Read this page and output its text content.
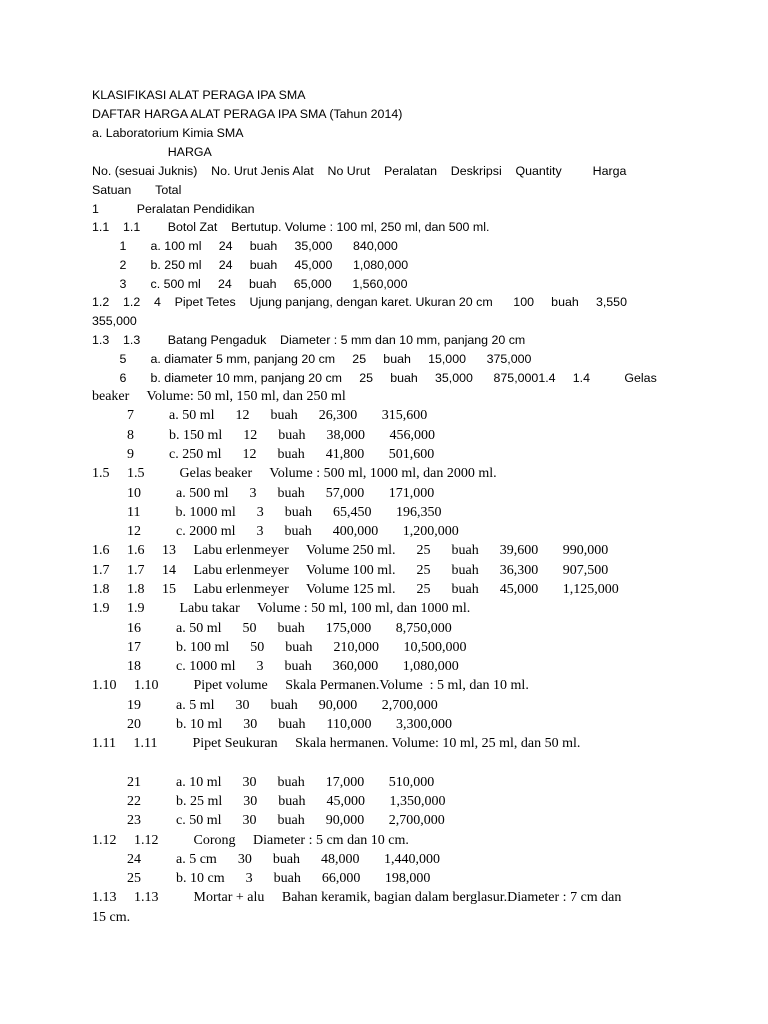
KLASIFIKASI ALAT PERAGA IPA SMA

DAFTAR HARGA ALAT PERAGA IPA SMA (Tahun 2014)

a. Laboratorium Kimia SMA

HARGA

No. (sesuai Juknis)    No. Urut Jenis Alat    No Urut    Peralatan    Deskripsi    Quantity         Harga

Satuan       Total

1           Peralatan Pendidikan

1.1    1.1        Botol Zat    Bertutup. Volume : 100 ml, 250 ml, dan 500 ml.

1       a. 100 ml     24     buah     35,000      840,000

2       b. 250 ml     24     buah     45,000      1,080,000

3       c. 500 ml     24     buah     65,000      1,560,000

1.2    1.2    4    Pipet Tetes    Ujung panjang, dengan karet. Ukuran 20 cm      100     buah     3,550

355,000

1.3    1.3        Batang Pengaduk    Diameter : 5 mm dan 10 mm, panjang 20 cm

5       a. diamater 5 mm, panjang 20 cm     25     buah     15,000      375,000

6       b. diameter 10 mm, panjang 20 cm     25     buah     35,000      875,0001.4     1.4          Gelas

beaker     Volume: 50 ml, 150 ml, dan 250 ml

7          a. 50 ml      12      buah      26,300       315,600

8          b. 150 ml      12      buah      38,000       456,000

9          c. 250 ml      12      buah      41,800       501,600

1.5     1.5          Gelas beaker     Volume : 500 ml, 1000 ml, dan 2000 ml.

10          a. 500 ml      3      buah      57,000       171,000

11          b. 1000 ml      3      buah      65,450       196,350

12          c. 2000 ml      3      buah      400,000       1,200,000

1.6     1.6     13     Labu erlenmeyer     Volume 250 ml.      25      buah      39,600       990,000

1.7     1.7     14     Labu erlenmeyer     Volume 100 ml.      25      buah      36,300       907,500

1.8     1.8     15     Labu erlenmeyer     Volume 125 ml.      25      buah      45,000       1,125,000

1.9     1.9          Labu takar     Volume : 50 ml, 100 ml, dan 1000 ml.

16          a. 50 ml      50      buah      175,000       8,750,000

17          b. 100 ml      50      buah      210,000       10,500,000

18          c. 1000 ml      3      buah      360,000       1,080,000

1.10     1.10          Pipet volume     Skala Permanen.Volume  : 5 ml, dan 10 ml.

19          a. 5 ml      30      buah      90,000       2,700,000

20          b. 10 ml      30      buah      110,000       3,300,000

1.11     1.11          Pipet Seukuran     Skala hermanen. Volume: 10 ml, 25 ml, dan 50 ml.

21          a. 10 ml      30      buah      17,000       510,000

22          b. 25 ml      30      buah      45,000       1,350,000

23          c. 50 ml      30      buah      90,000       2,700,000

1.12     1.12          Corong     Diameter : 5 cm dan 10 cm.

24          a. 5 cm      30      buah      48,000       1,440,000

25          b. 10 cm      3      buah      66,000       198,000

1.13     1.13          Mortar + alu     Bahan keramik, bagian dalam berglasur.Diameter : 7 cm dan

15 cm.
